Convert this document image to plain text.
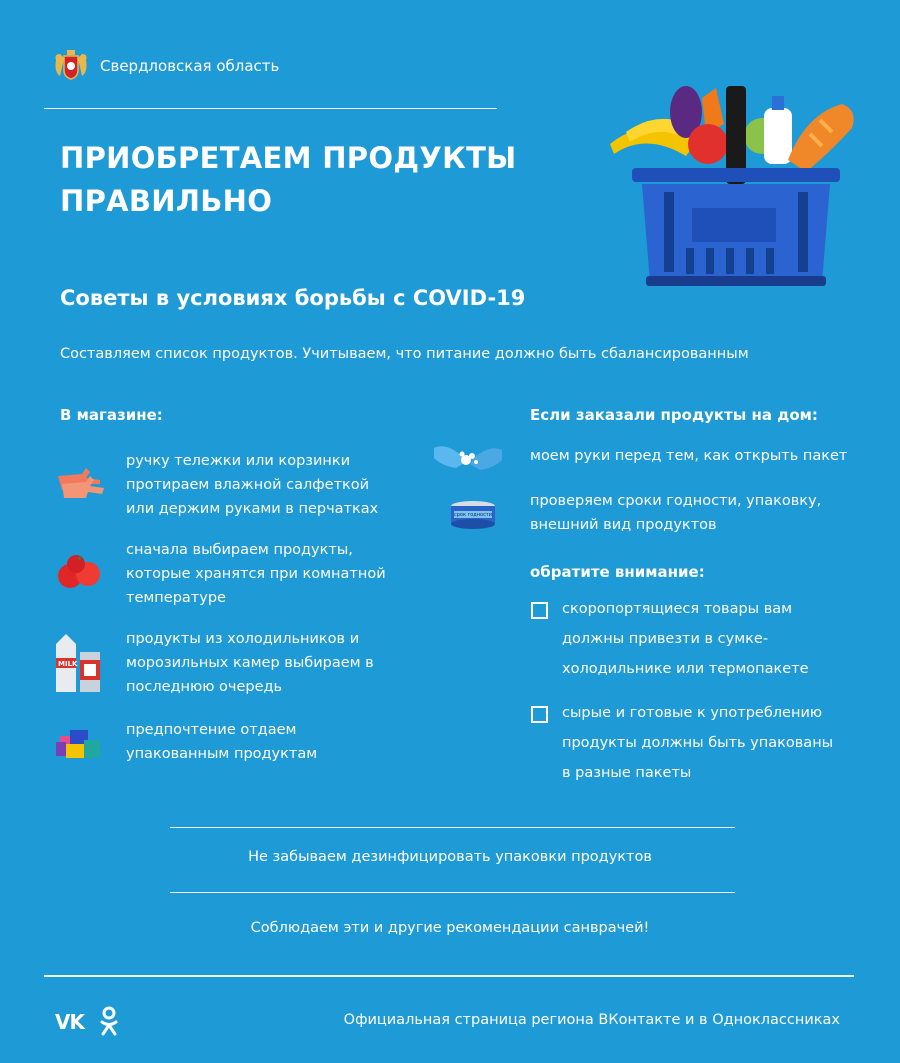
Свердловская область
ПРИОБРЕТАЕМ ПРОДУКТЫ
ПРАВИЛЬНО
Советы в условиях борьбы с COVID-19
Составляем список продуктов. Учитываем, что питание должно быть сбалансированным
В магазине:
ручку тележки или корзинки
протираем влажной салфеткой
или держим руками в перчатках
сначала выбираем продукты,
которые хранятся при комнатной
температуре
MILK
продукты из холодильников и
морозильных камер выбираем в
последнюю очередь
предпочтение отдаем
упакованным продуктам
Если заказали продукты на дом:
моем руки перед тем, как открыть пакет
срок годности
проверяем сроки годности, упаковку,
внешний вид продуктов
обратите внимание:
скоропортящиеся товары вам
должны привезти в сумке-
холодильнике или термопакете
сырые и готовые к употреблению
продукты должны быть упакованы
в разные пакеты
Не забываем дезинфицировать упаковки продуктов
Соблюдаем эти и другие рекомендации санврачей!
VK	Официальная страница региона ВКонтакте и в Одноклассниках
